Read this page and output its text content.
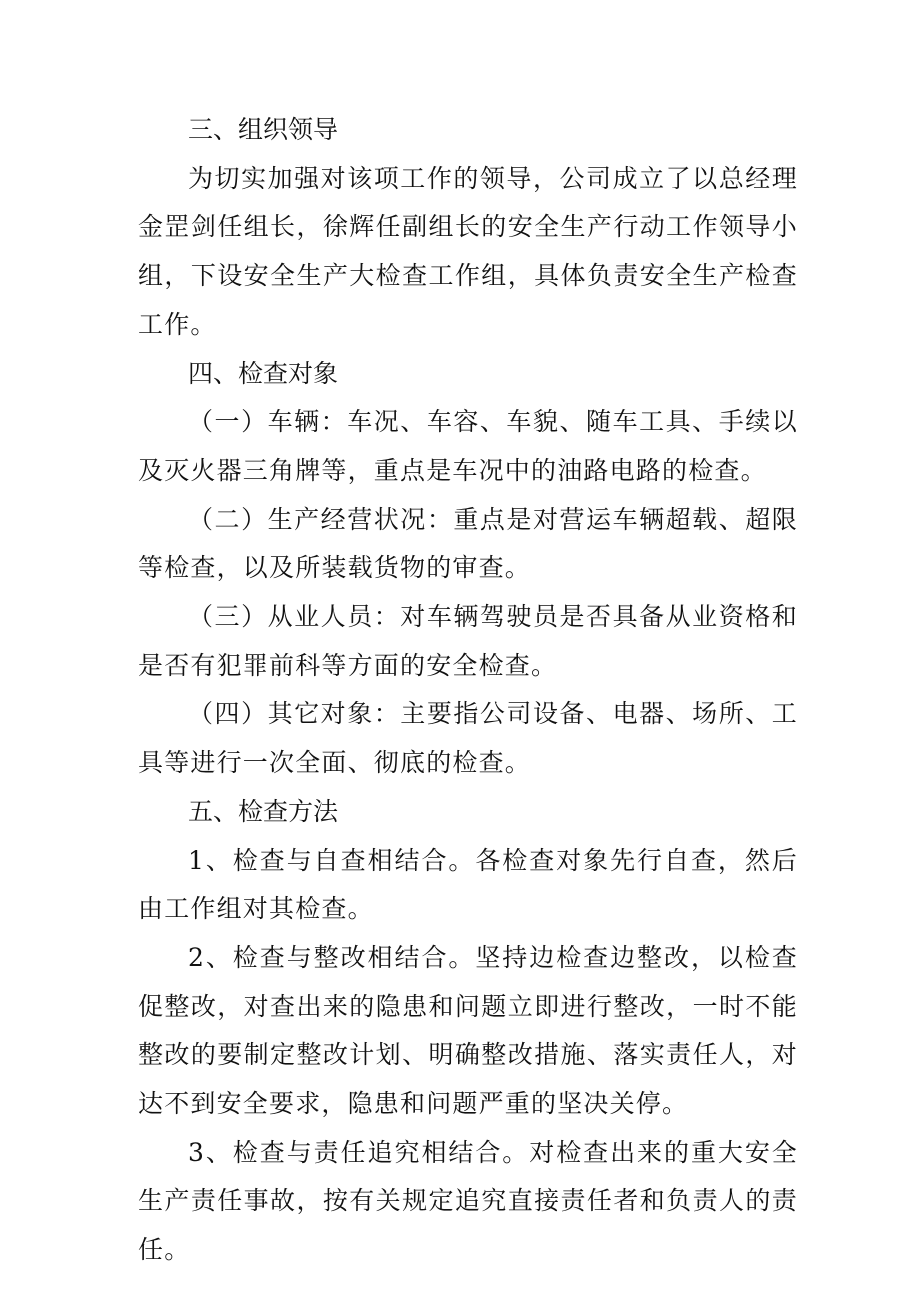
三、组织领导

为切实加强对该项工作的领导，公司成立了以总经理金罡剑任组长，徐辉任副组长的安全生产行动工作领导小组，下设安全生产大检查工作组，具体负责安全生产检查工作。

四、检查对象

（一）车辆：车况、车容、车貌、随车工具、手续以及灭火器三角牌等，重点是车况中的油路电路的检查。

（二）生产经营状况：重点是对营运车辆超载、超限等检查，以及所装载货物的审查。

（三）从业人员：对车辆驾驶员是否具备从业资格和是否有犯罪前科等方面的安全检查。

（四）其它对象：主要指公司设备、电器、场所、工具等进行一次全面、彻底的检查。

五、检查方法

1、检查与自查相结合。各检查对象先行自查，然后由工作组对其检查。

2、检查与整改相结合。坚持边检查边整改，以检查促整改，对查出来的隐患和问题立即进行整改，一时不能整改的要制定整改计划、明确整改措施、落实责任人，对达不到安全要求，隐患和问题严重的坚决关停。

3、检查与责任追究相结合。对检查出来的重大安全生产责任事故，按有关规定追究直接责任者和负责人的责任。
